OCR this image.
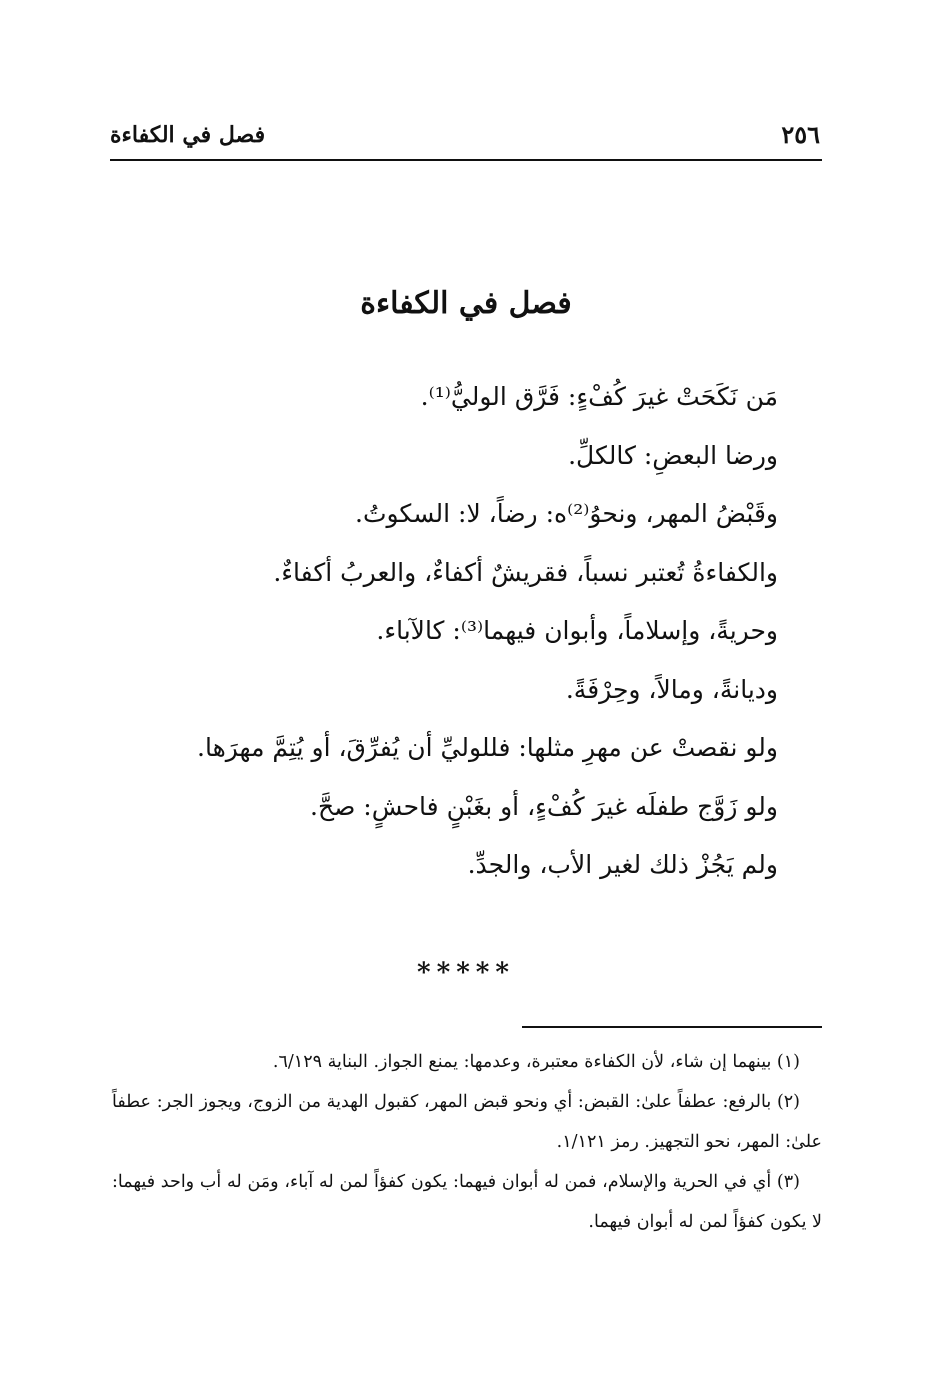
٢٥٦
فصل في الكفاءة
فصل في الكفاءة
مَن نَكَحَتْ غيرَ كُفْءٍ: فَرَّق الوليُّ⁽¹⁾.
ورضا البعضِ: كالكلِّ.
وقَبْضُ المهر، ونحوُ⁽²⁾ه: رضاً، لا: السكوتُ.
والكفاءةُ تُعتبر نسباً، فقريشٌ أكفاءٌ، والعربُ أكفاءٌ.
وحريةً، وإسلاماً، وأبوان فيهما⁽³⁾: كالآباء.
وديانةً، ومالاً، وحِرْفَةً.
ولو نقصتْ عن مهرِ مثلها: فللوليِّ أن يُفرِّقَ، أو يُتِمَّ مهرَها.
ولو زَوَّج طفلَه غيرَ كُفْءٍ، أو بغَبْنٍ فاحشٍ: صحَّ.
ولم يَجُزْ ذلك لغير الأب، والجدِّ.
*****

(١) بينهما إن شاء، لأن الكفاءة معتبرة، وعدمها: يمنع الجواز. البناية ٦/١٢٩.

(٢) بالرفع: عطفاً علىٰ: القبض: أي ونحو قبض المهر، كقبول الهدية من الزوج، ويجوز الجر: عطفاً علىٰ: المهر، نحو التجهيز. رمز ١/١٢١.

(٣) أي في الحرية والإسلام، فمن له أبوان فيهما: يكون كفؤاً لمن له آباء، ومَن له أب واحد فيهما: لا يكون كفؤاً لمن له أبوان فيهما.
